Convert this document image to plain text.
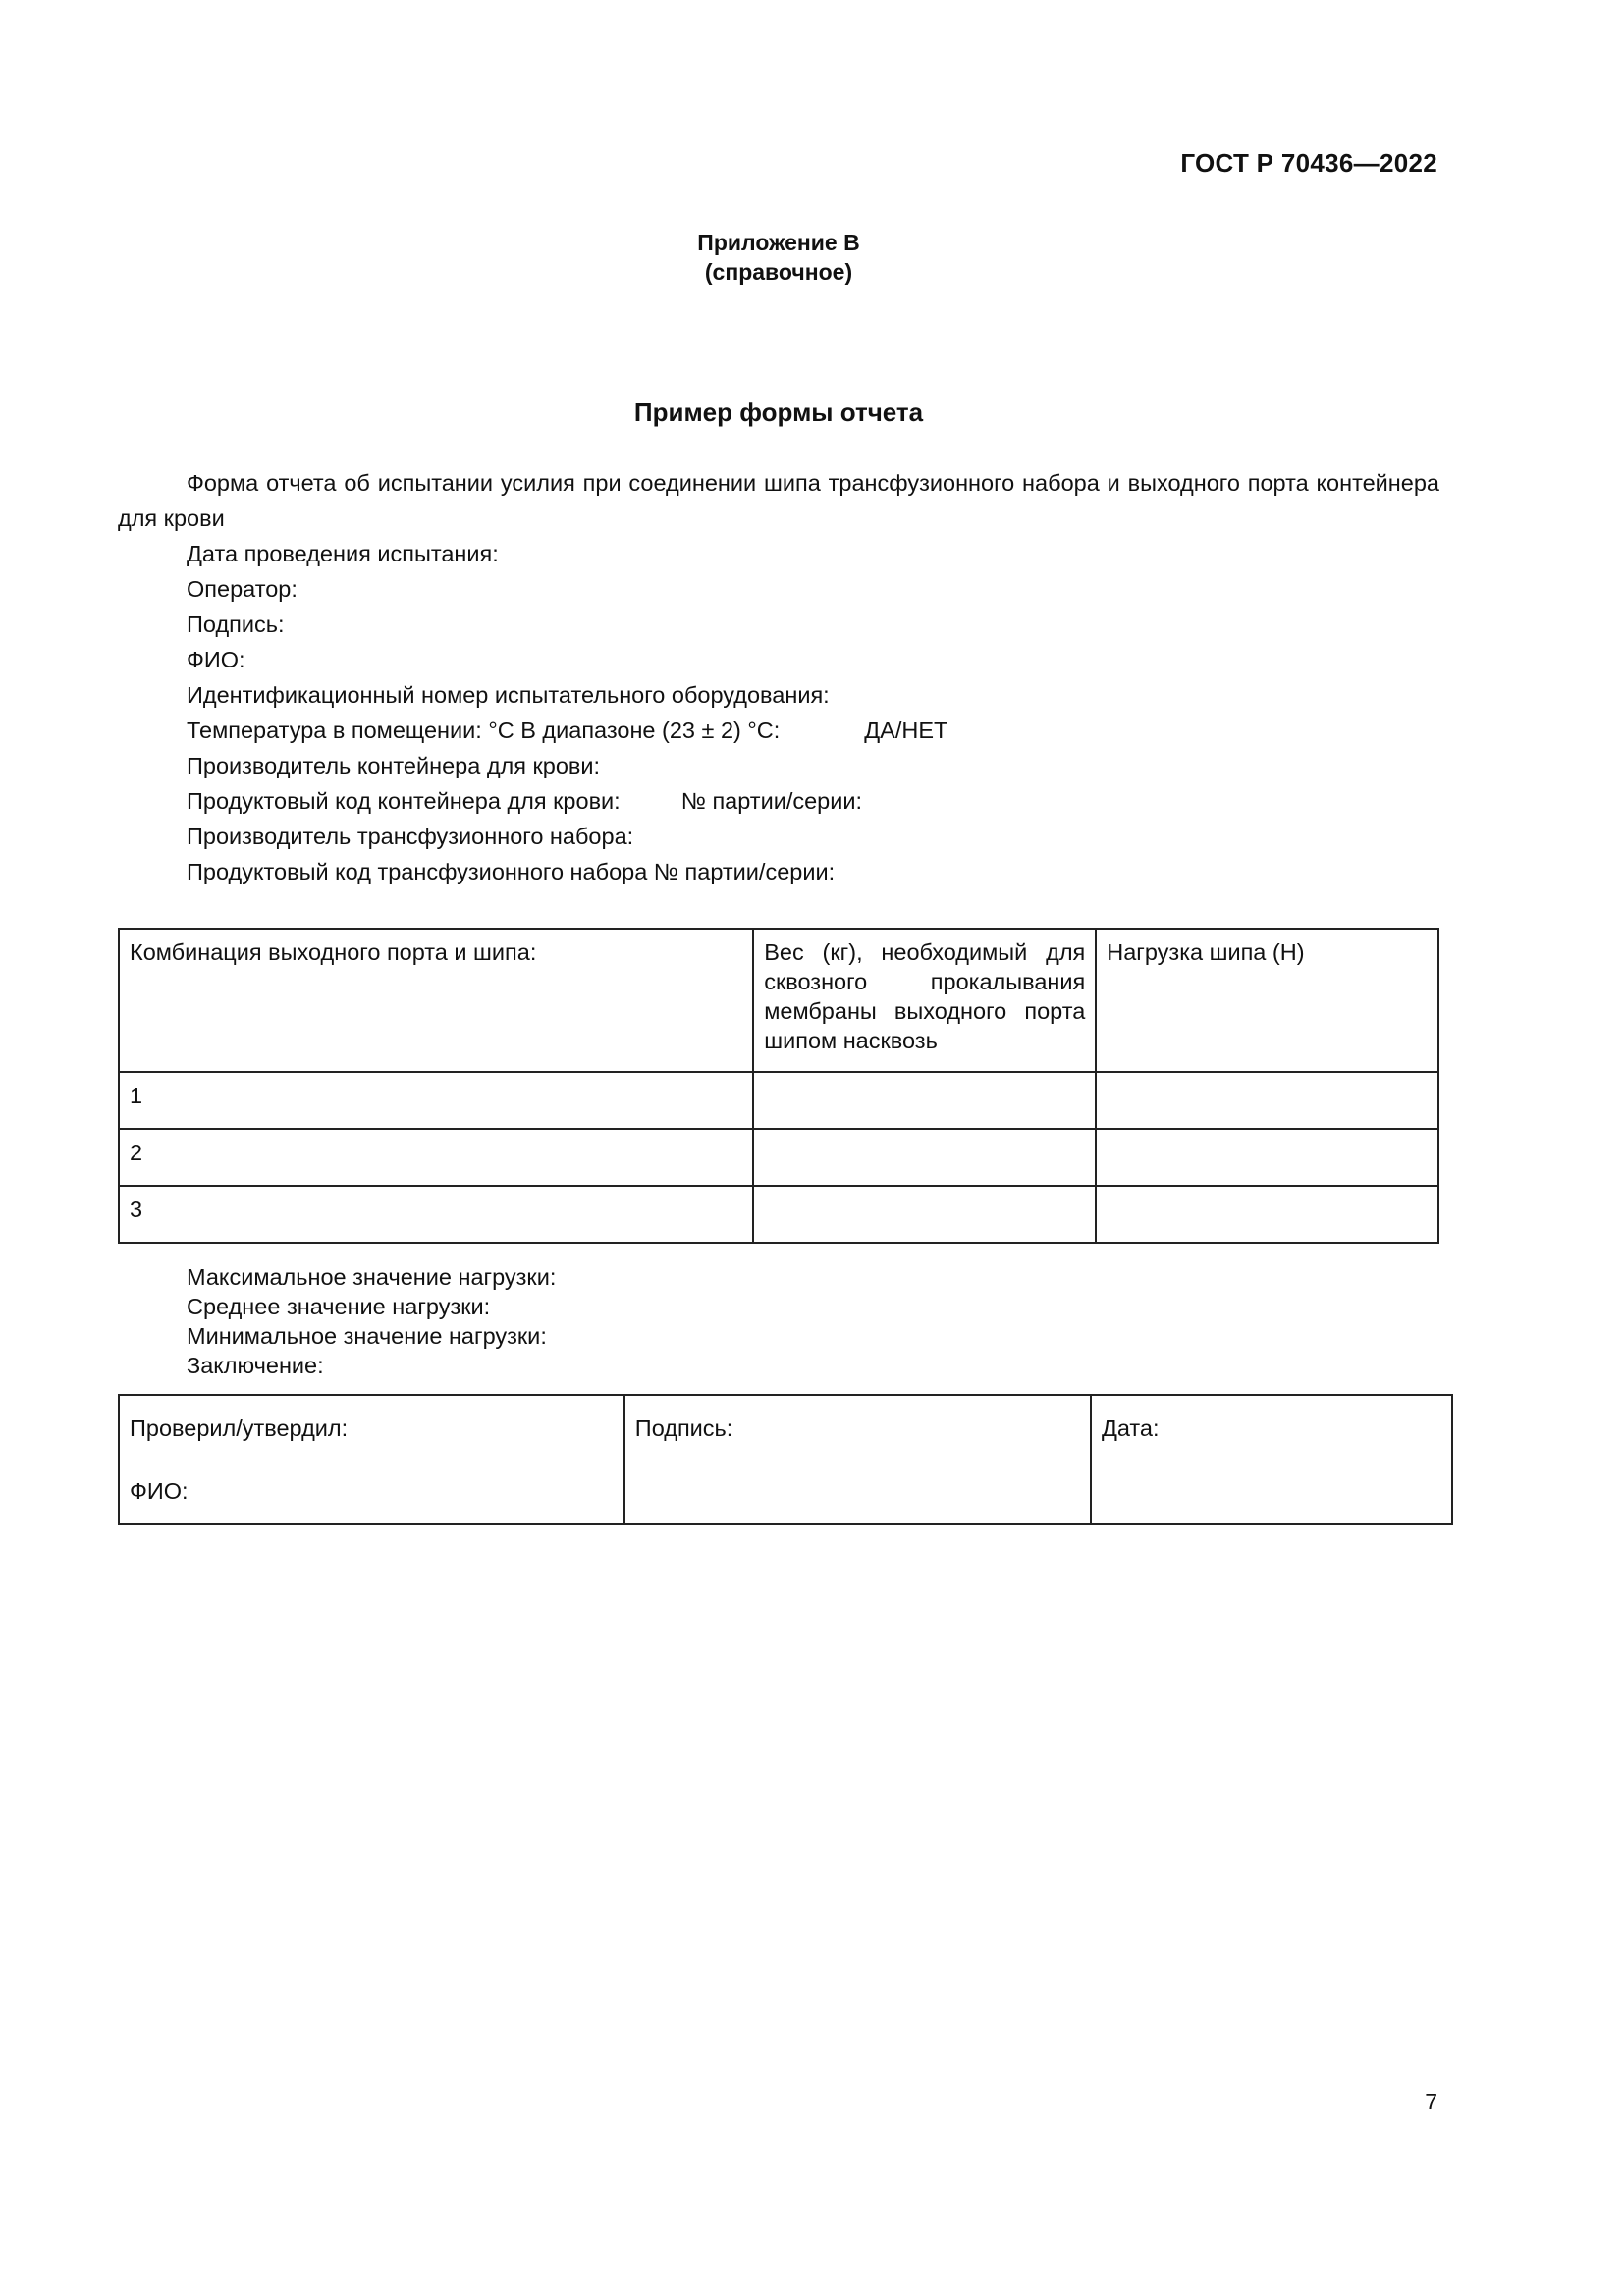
ГОСТ Р 70436—2022
Приложение В
(справочное)
Пример формы отчета
Форма отчета об испытании усилия при соединении шипа трансфузионного набора и выходного порта контейнера для крови
Дата проведения испытания:
Оператор:
Подпись:
ФИО:
Идентификационный номер испытательного оборудования:
Температура в помещении: °C В диапазоне (23 ± 2) °C:	ДА/НЕТ
Производитель контейнера для крови:
Продуктовый код контейнера для крови:	№ партии/серии:
Производитель трансфузионного набора:
Продуктовый код трансфузионного набора № партии/серии:
Комбинация выходного порта и шипа:	Вес (кг), необходимый для сквозного прокалывания мембраны выходного порта шипом насквозь	Нагрузка шипа (Н)
1		
2		
3		
Максимальное значение нагрузки:
Среднее значение нагрузки:
Минимальное значение нагрузки:
Заключение:
Проверил/утвердил:
ФИО:
	Подпись:	Дата:
7
